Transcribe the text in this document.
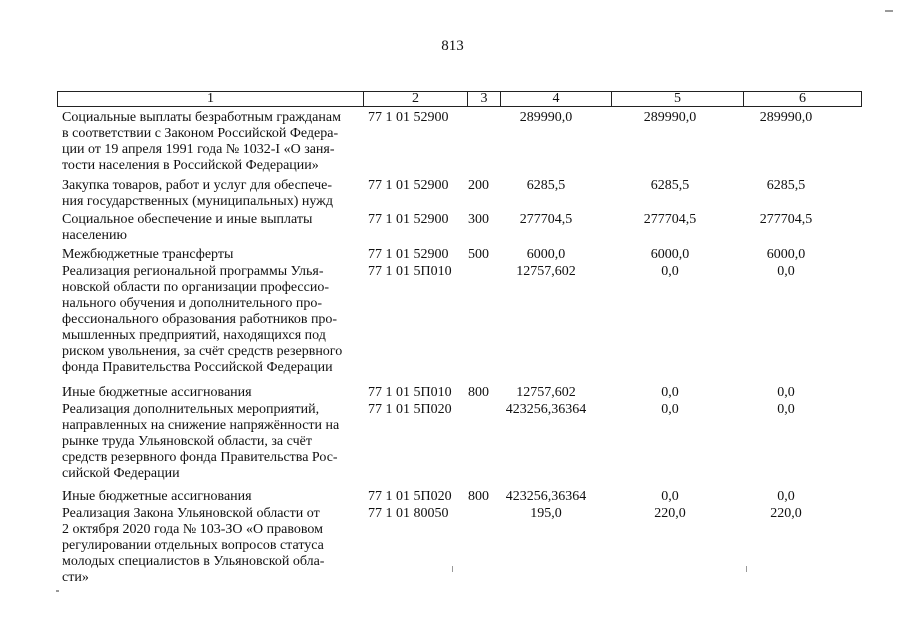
813
1	2	3	4	5	6
Социальные выплаты безработным гражданам
в соответствии с Законом Российской Федера-
ции от 19 апреля 1991 года № 1032-I «О заня-
тости населения в Российской Федерации»
77 1 01 52900	289990,0	289990,0	289990,0
Закупка товаров, работ и услуг для обеспече-
ния государственных (муниципальных) нужд
77 1 01 52900 200	6285,5	6285,5	6285,5
Социальное обеспечение и иные выплаты
населению
77 1 01 52900 300	277704,5	277704,5	277704,5
Межбюджетные трансферты	77 1 01 52900 500	6000,0	6000,0	6000,0
Реализация региональной программы Улья-
новской области по организации профессио-
нального обучения и дополнительного про-
фессионального образования работников про-
мышленных предприятий, находящихся под
риском увольнения, за счёт средств резервного
фонда Правительства Российской Федерации
77 1 01 5П010	12757,602	0,0	0,0
Иные бюджетные ассигнования	77 1 01 5П010 800	12757,602	0,0	0,0
Реализация дополнительных мероприятий,
направленных на снижение напряжённости на
рынке труда Ульяновской области, за счёт
средств резервного фонда Правительства Рос-
сийской Федерации
77 1 01 5П020	423256,36364	0,0	0,0
Иные бюджетные ассигнования	77 1 01 5П020 800	423256,36364	0,0	0,0
Реализация Закона Ульяновской области от
2 октября 2020 года № 103-ЗО «О правовом
регулировании отдельных вопросов статуса
молодых специалистов в Ульяновской обла-
сти»
77 1 01 80050	195,0	220,0	220,0
